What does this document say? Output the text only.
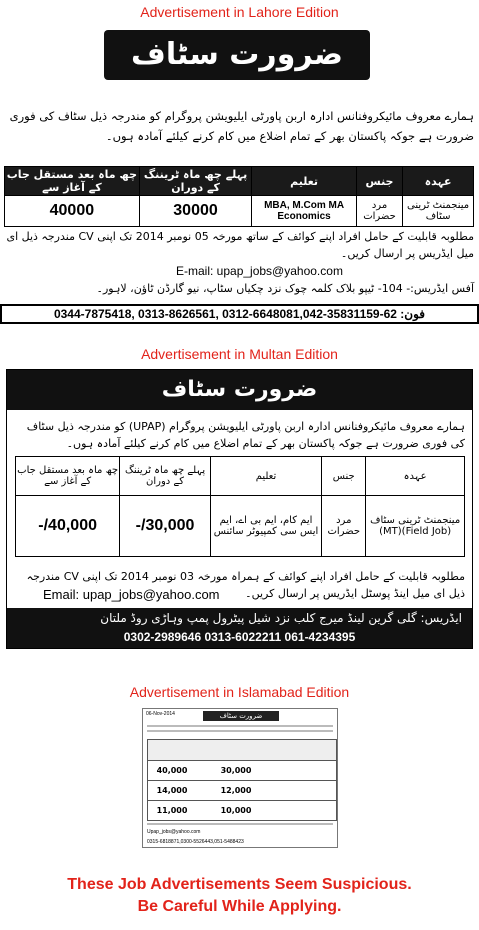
Advertisement in Lahore Edition
ضرورت سٹاف
ہمارے معروف مائیکروفنانس ادارہ اربن پاورٹی ایلیویشن پروگرام کو مندرجہ ذیل سٹاف کی فوری ضرورت ہے جوکہ پاکستان بھر کے تمام اضلاع میں کام کرنے کیلئے آمادہ ہوں۔
عہدہ	جنس	تعلیم	پہلے چھ ماہ ٹریننگ کے دوران	چھ ماہ بعد مستقل جاب کے آغاز سے
مینجمنٹ ٹرینی سٹاف	مرد حضرات	MBA, M.Com MA Economics	30000	40000
مطلوبہ قابلیت کے حامل افراد اپنے کوائف کے ساتھ مورخہ 05 نومبر 2014 تک اپنی CV مندرجہ ذیل ای میل ایڈریس پر ارسال کریں۔
E-mail: upap_jobs@yahoo.com
آفس ایڈریس:- 104- ٹیپو بلاک کلمہ چوک نزد چکیاں سٹاپ، نیو گارڈن ٹاؤن، لاہور۔
0344-7875418, 0313-8626561, 0312-6648081,042-35831159-62 :فون
Advertisement in Multan Edition
ضرورت سٹاف
ہمارے معروف مائیکروفنانس ادارہ اربن پاورٹی ایلیویشن پروگرام (UPAP) کو مندرجہ ذیل سٹاف کی فوری ضرورت ہے جوکہ پاکستان بھر کے تمام اضلاع میں کام کرنے کیلئے آمادہ ہوں۔
عہدہ	جنس	تعلیم	پہلے چھ ماہ ٹریننگ کے دوران	چھ ماہ بعد مستقل جاب کے آغاز سے
مینجمنٹ ٹرینی سٹاف (Field Job)(MT)	مرد حضرات	ایم کام، ایم بی اے، ایم ایس سی کمپیوٹر سائنس	30,000/-	40,000/-
مطلوبہ قابلیت کے حامل افراد اپنے کوائف کے ہمراہ مورخہ 03 نومبر 2014 تک اپنی CV مندرجہ ذیل ای میل اینڈ پوسٹل ایڈریس پر ارسال کریں۔
Email: upap_jobs@yahoo.com
ایڈریس: گلی گرین لینڈ میرج کلب نزد شیل پیٹرول پمپ وہاڑی روڈ ملتان
0302-2989646 0313-6022211 061-4234395
Advertisement in Islamabad Edition
06-Nov-2014	ضرورت سٹاف
40,000	30,000
14,000	12,000
11,000	10,000
Upap_jobs@yahoo.com
0315-6818871,0300-5526443,051-5488423
These Job Advertisements Seem Suspicious.
Be Careful While Applying.
